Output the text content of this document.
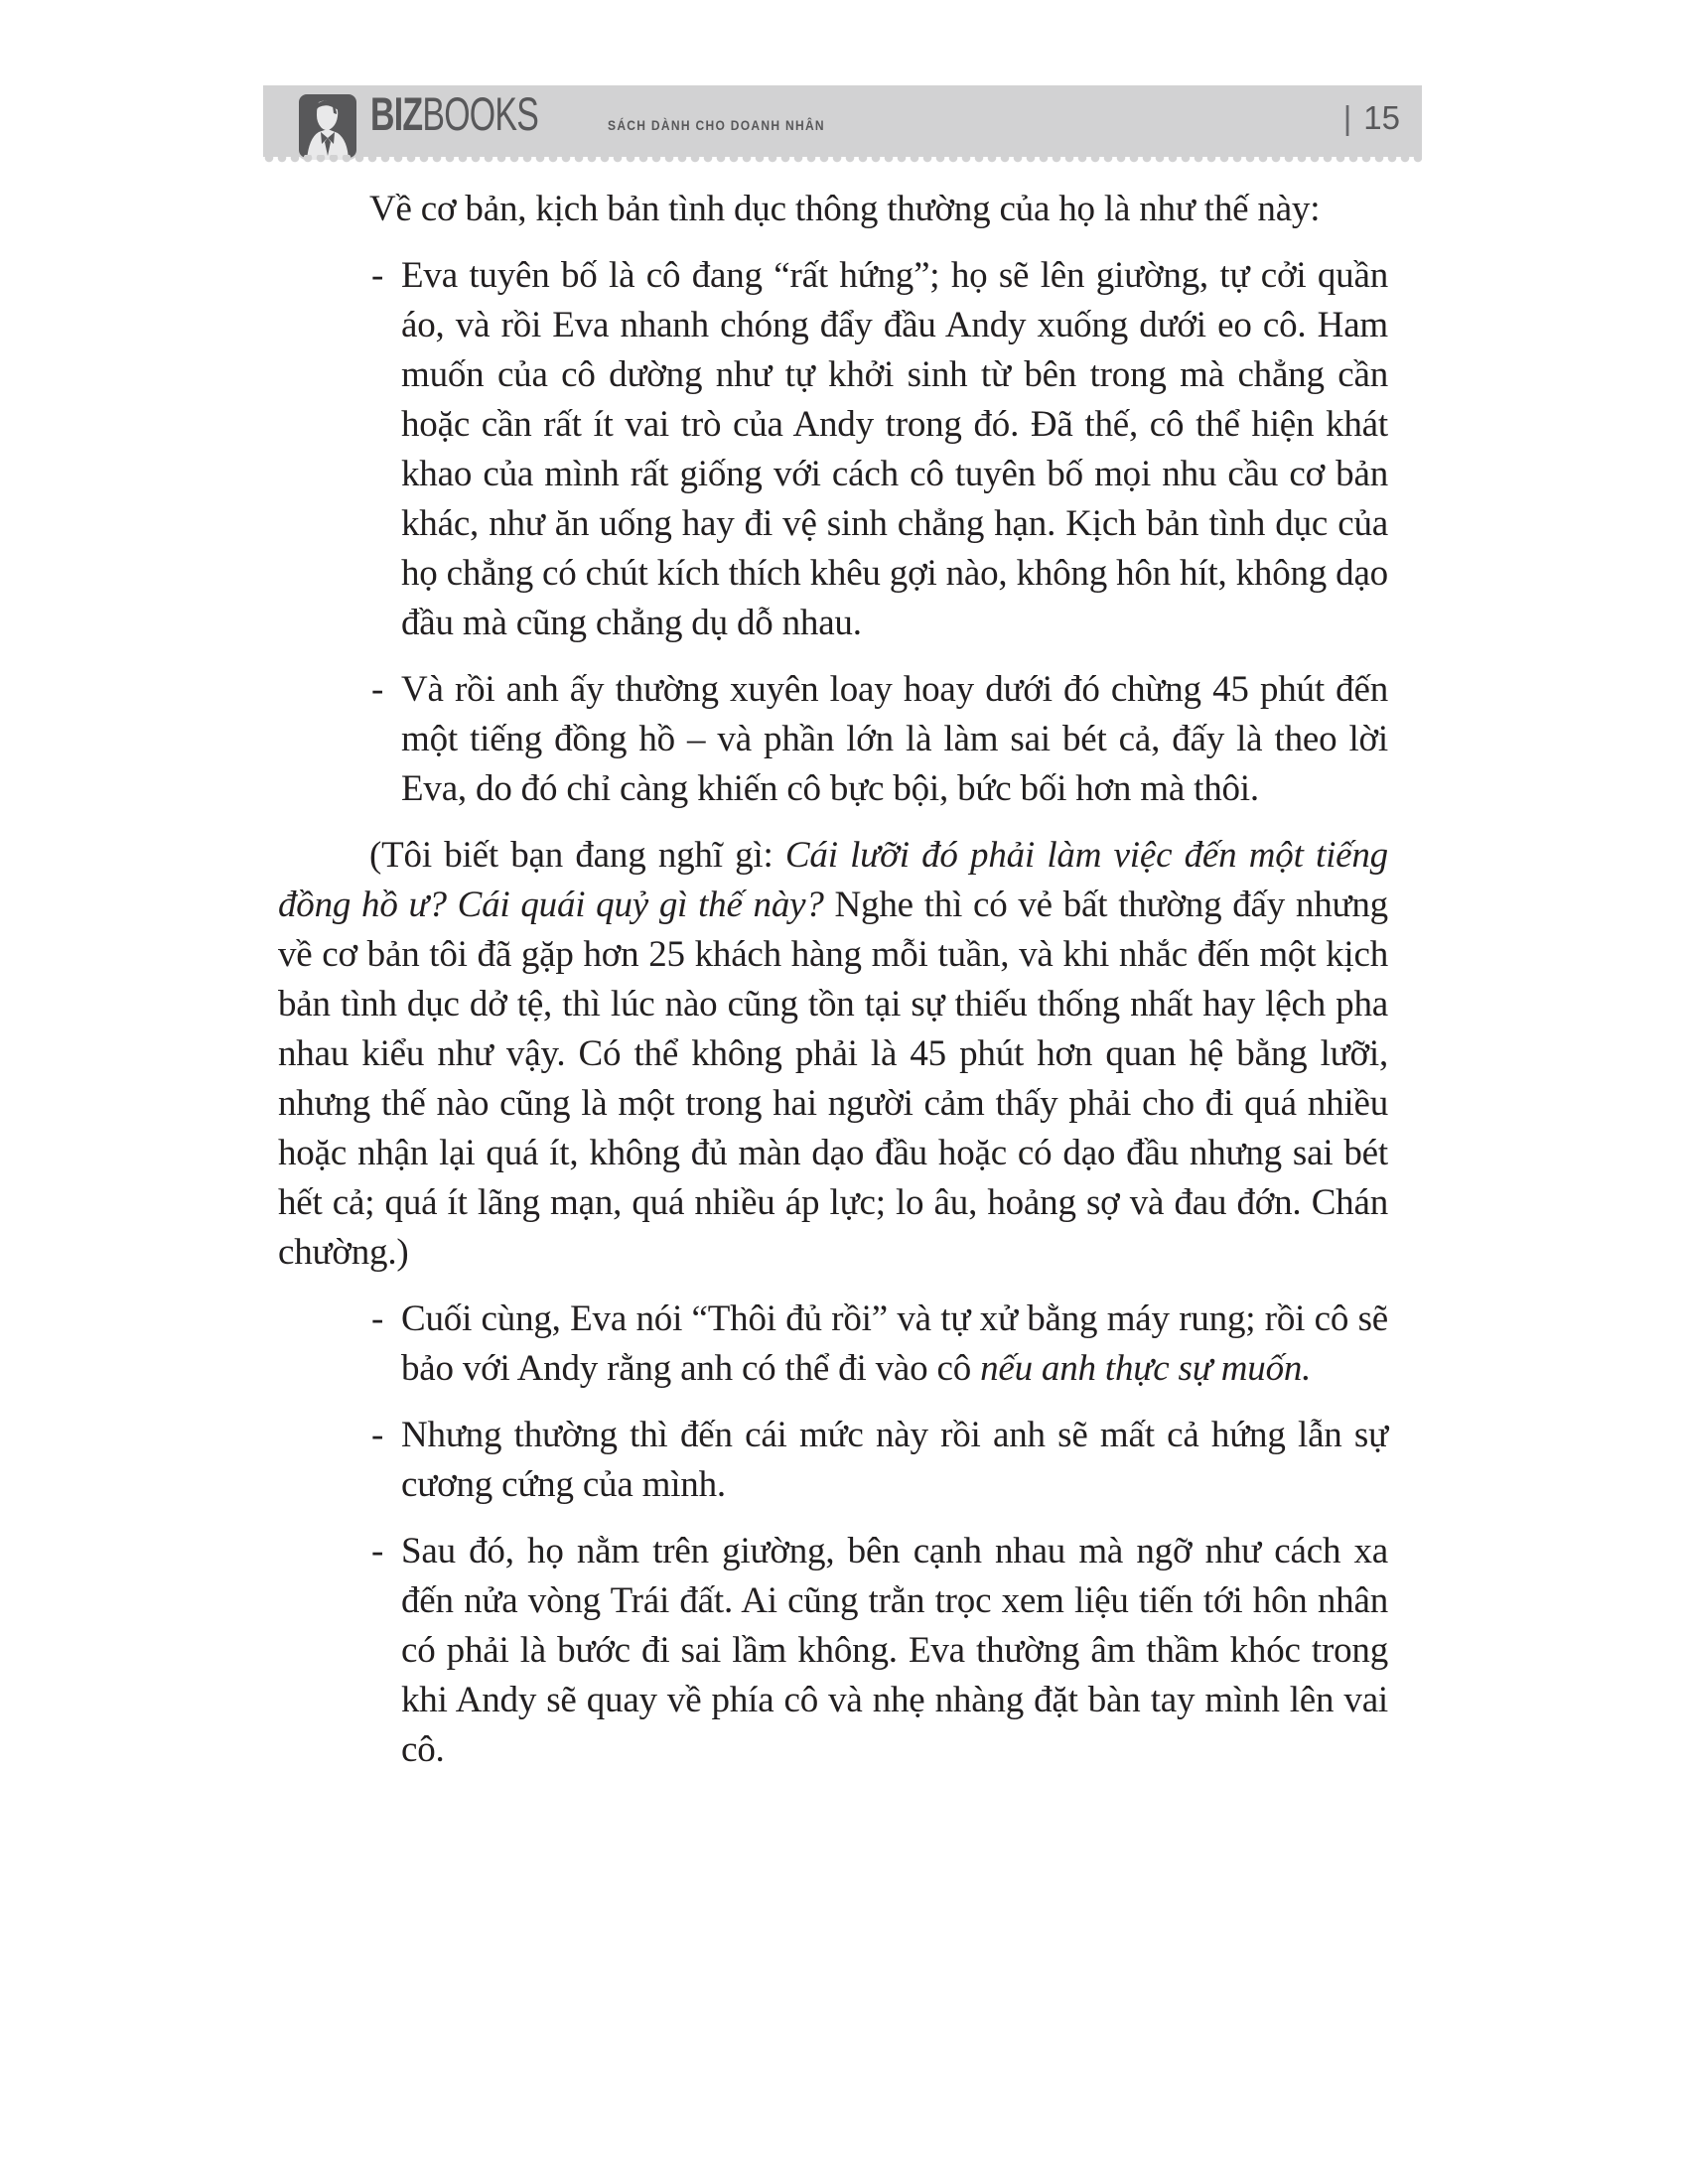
BIZBOOKS	SÁCH DÀNH CHO DOANH NHÂN	| 15
Về cơ bản, kịch bản tình dục thông thường của họ là như thế này:
- Eva tuyên bố là cô đang “rất hứng”; họ sẽ lên giường, tự cởi quần áo, và rồi Eva nhanh chóng đẩy đầu Andy xuống dưới eo cô. Ham muốn của cô dường như tự khởi sinh từ bên trong mà chẳng cần hoặc cần rất ít vai trò của Andy trong đó. Đã thế, cô thể hiện khát khao của mình rất giống với cách cô tuyên bố mọi nhu cầu cơ bản khác, như ăn uống hay đi vệ sinh chẳng hạn. Kịch bản tình dục của họ chẳng có chút kích thích khêu gợi nào, không hôn hít, không dạo đầu mà cũng chẳng dụ dỗ nhau.
- Và rồi anh ấy thường xuyên loay hoay dưới đó chừng 45 phút đến một tiếng đồng hồ – và phần lớn là làm sai bét cả, đấy là theo lời Eva, do đó chỉ càng khiến cô bực bội, bức bối hơn mà thôi.
(Tôi biết bạn đang nghĩ gì: Cái lưỡi đó phải làm việc đến một tiếng đồng hồ ư? Cái quái quỷ gì thế này? Nghe thì có vẻ bất thường đấy nhưng về cơ bản tôi đã gặp hơn 25 khách hàng mỗi tuần, và khi nhắc đến một kịch bản tình dục dở tệ, thì lúc nào cũng tồn tại sự thiếu thống nhất hay lệch pha nhau kiểu như vậy. Có thể không phải là 45 phút hơn quan hệ bằng lưỡi, nhưng thế nào cũng là một trong hai người cảm thấy phải cho đi quá nhiều hoặc nhận lại quá ít, không đủ màn dạo đầu hoặc có dạo đầu nhưng sai bét hết cả; quá ít lãng mạn, quá nhiều áp lực; lo âu, hoảng sợ và đau đớn. Chán chường.)
- Cuối cùng, Eva nói “Thôi đủ rồi” và tự xử bằng máy rung; rồi cô sẽ bảo với Andy rằng anh có thể đi vào cô nếu anh thực sự muốn.
- Nhưng thường thì đến cái mức này rồi anh sẽ mất cả hứng lẫn sự cương cứng của mình.
- Sau đó, họ nằm trên giường, bên cạnh nhau mà ngỡ như cách xa đến nửa vòng Trái đất. Ai cũng trằn trọc xem liệu tiến tới hôn nhân có phải là bước đi sai lầm không. Eva thường âm thầm khóc trong khi Andy sẽ quay về phía cô và nhẹ nhàng đặt bàn tay mình lên vai cô.
